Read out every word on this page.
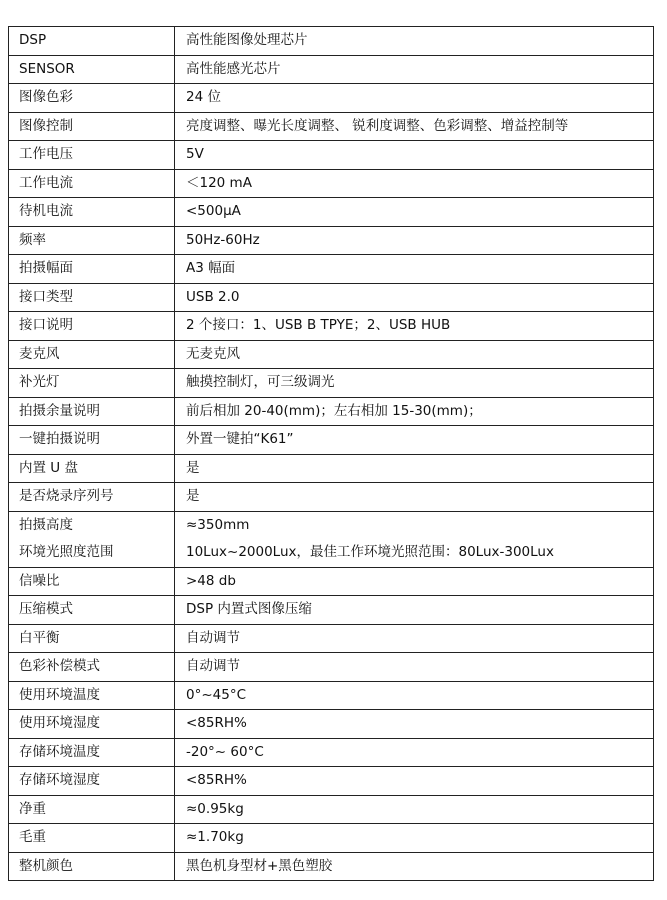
DSP	高性能图像处理芯片
SENSOR	高性能感光芯片
图像色彩	24 位
图像控制	亮度调整、曝光长度调整、 锐利度调整、色彩调整、增益控制等
工作电压	5V
工作电流	＜120 mA
待机电流	<500μA
频率	50Hz-60Hz
拍摄幅面	A3 幅面
接口类型	USB 2.0
接口说明	2 个接口：1、USB B TPYE；2、USB HUB
麦克风	无麦克风
补光灯	触摸控制灯，可三级调光
拍摄余量说明	前后相加 20-40(mm)；左右相加 15-30(mm)；
一键拍摄说明	外置一键拍“K61”
内置 U 盘	是
是否烧录序列号	是
拍摄高度	≈350mm
环境光照度范围	10Lux~2000Lux，最佳工作环境光照范围：80Lux-300Lux
信噪比	>48 db
压缩模式	DSP 内置式图像压缩
白平衡	自动调节
色彩补偿模式	自动调节
使用环境温度	0°~45°C
使用环境湿度	<85RH%
存储环境温度	-20°~ 60°C
存储环境湿度	<85RH%
净重	≈0.95kg
毛重	≈1.70kg
整机颜色	黑色机身型材+黑色塑胶
